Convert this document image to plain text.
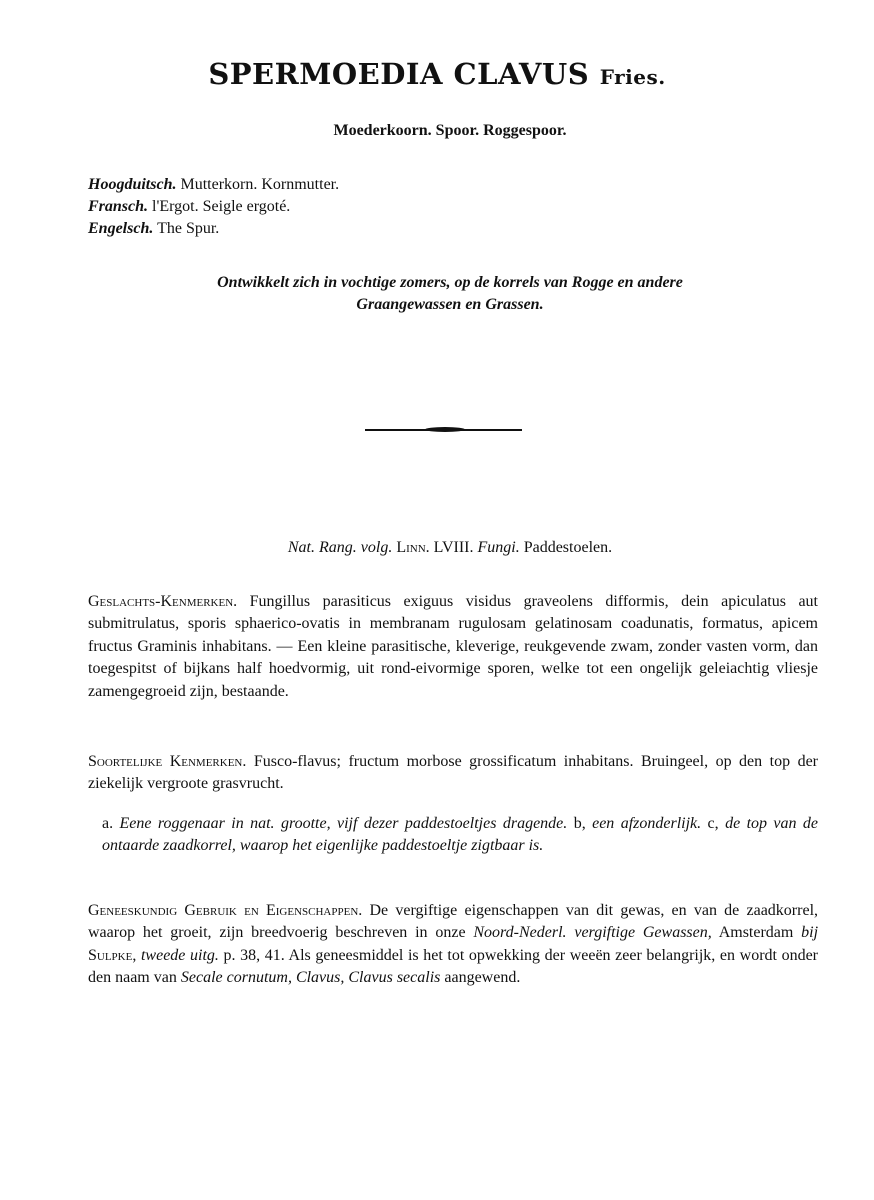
SPERMOEDIA CLAVUS Fries.
Moederkoorn. Spoor. Roggespoor.
Hoogduitsch. Mutterkorn. Kornmutter.
Fransch. l'Ergot. Seigle ergoté.
Engelsch. The Spur.
Ontwikkelt zich in vochtige zomers, op de korrels van Rogge en andere
Graangewassen en Grassen.
Nat. Rang. volg. Linn. LVIII. Fungi. Paddestoelen.
Geslachts-Kenmerken. Fungillus parasiticus exiguus visidus graveolens difformis, dein apiculatus aut submitrulatus, sporis sphaerico-ovatis in membranam rugulosam gelatinosam coadunatis, formatus, apicem fructus Graminis inhabitans. — Een kleine parasitische, kleverige, reukgevende zwam, zonder vasten vorm, dan toegespitst of bijkans half hoedvormig, uit rond-eivormige sporen, welke tot een ongelijk geleiachtig vliesje zamengegroeid zijn, bestaande.
Soortelijke Kenmerken. Fusco-flavus; fructum morbose grossificatum inhabitans. Bruingeel, op den top der ziekelijk vergroote grasvrucht.
a. Eene roggenaar in nat. grootte, vijf dezer paddestoeltjes dragende. b, een afzonderlijk. c, de top van de ontaarde zaadkorrel, waarop het eigenlijke paddestoeltje zigtbaar is.
Geneeskundig Gebruik en Eigenschappen. De vergiftige eigenschappen van dit gewas, en van de zaadkorrel, waarop het groeit, zijn breedvoerig beschreven in onze Noord-Nederl. vergiftige Gewassen, Amsterdam bij Sulpke, tweede uitg. p. 38, 41. Als geneesmiddel is het tot opwekking der weeën zeer belangrijk, en wordt onder den naam van Secale cornutum, Clavus, Clavus secalis aangewend.
